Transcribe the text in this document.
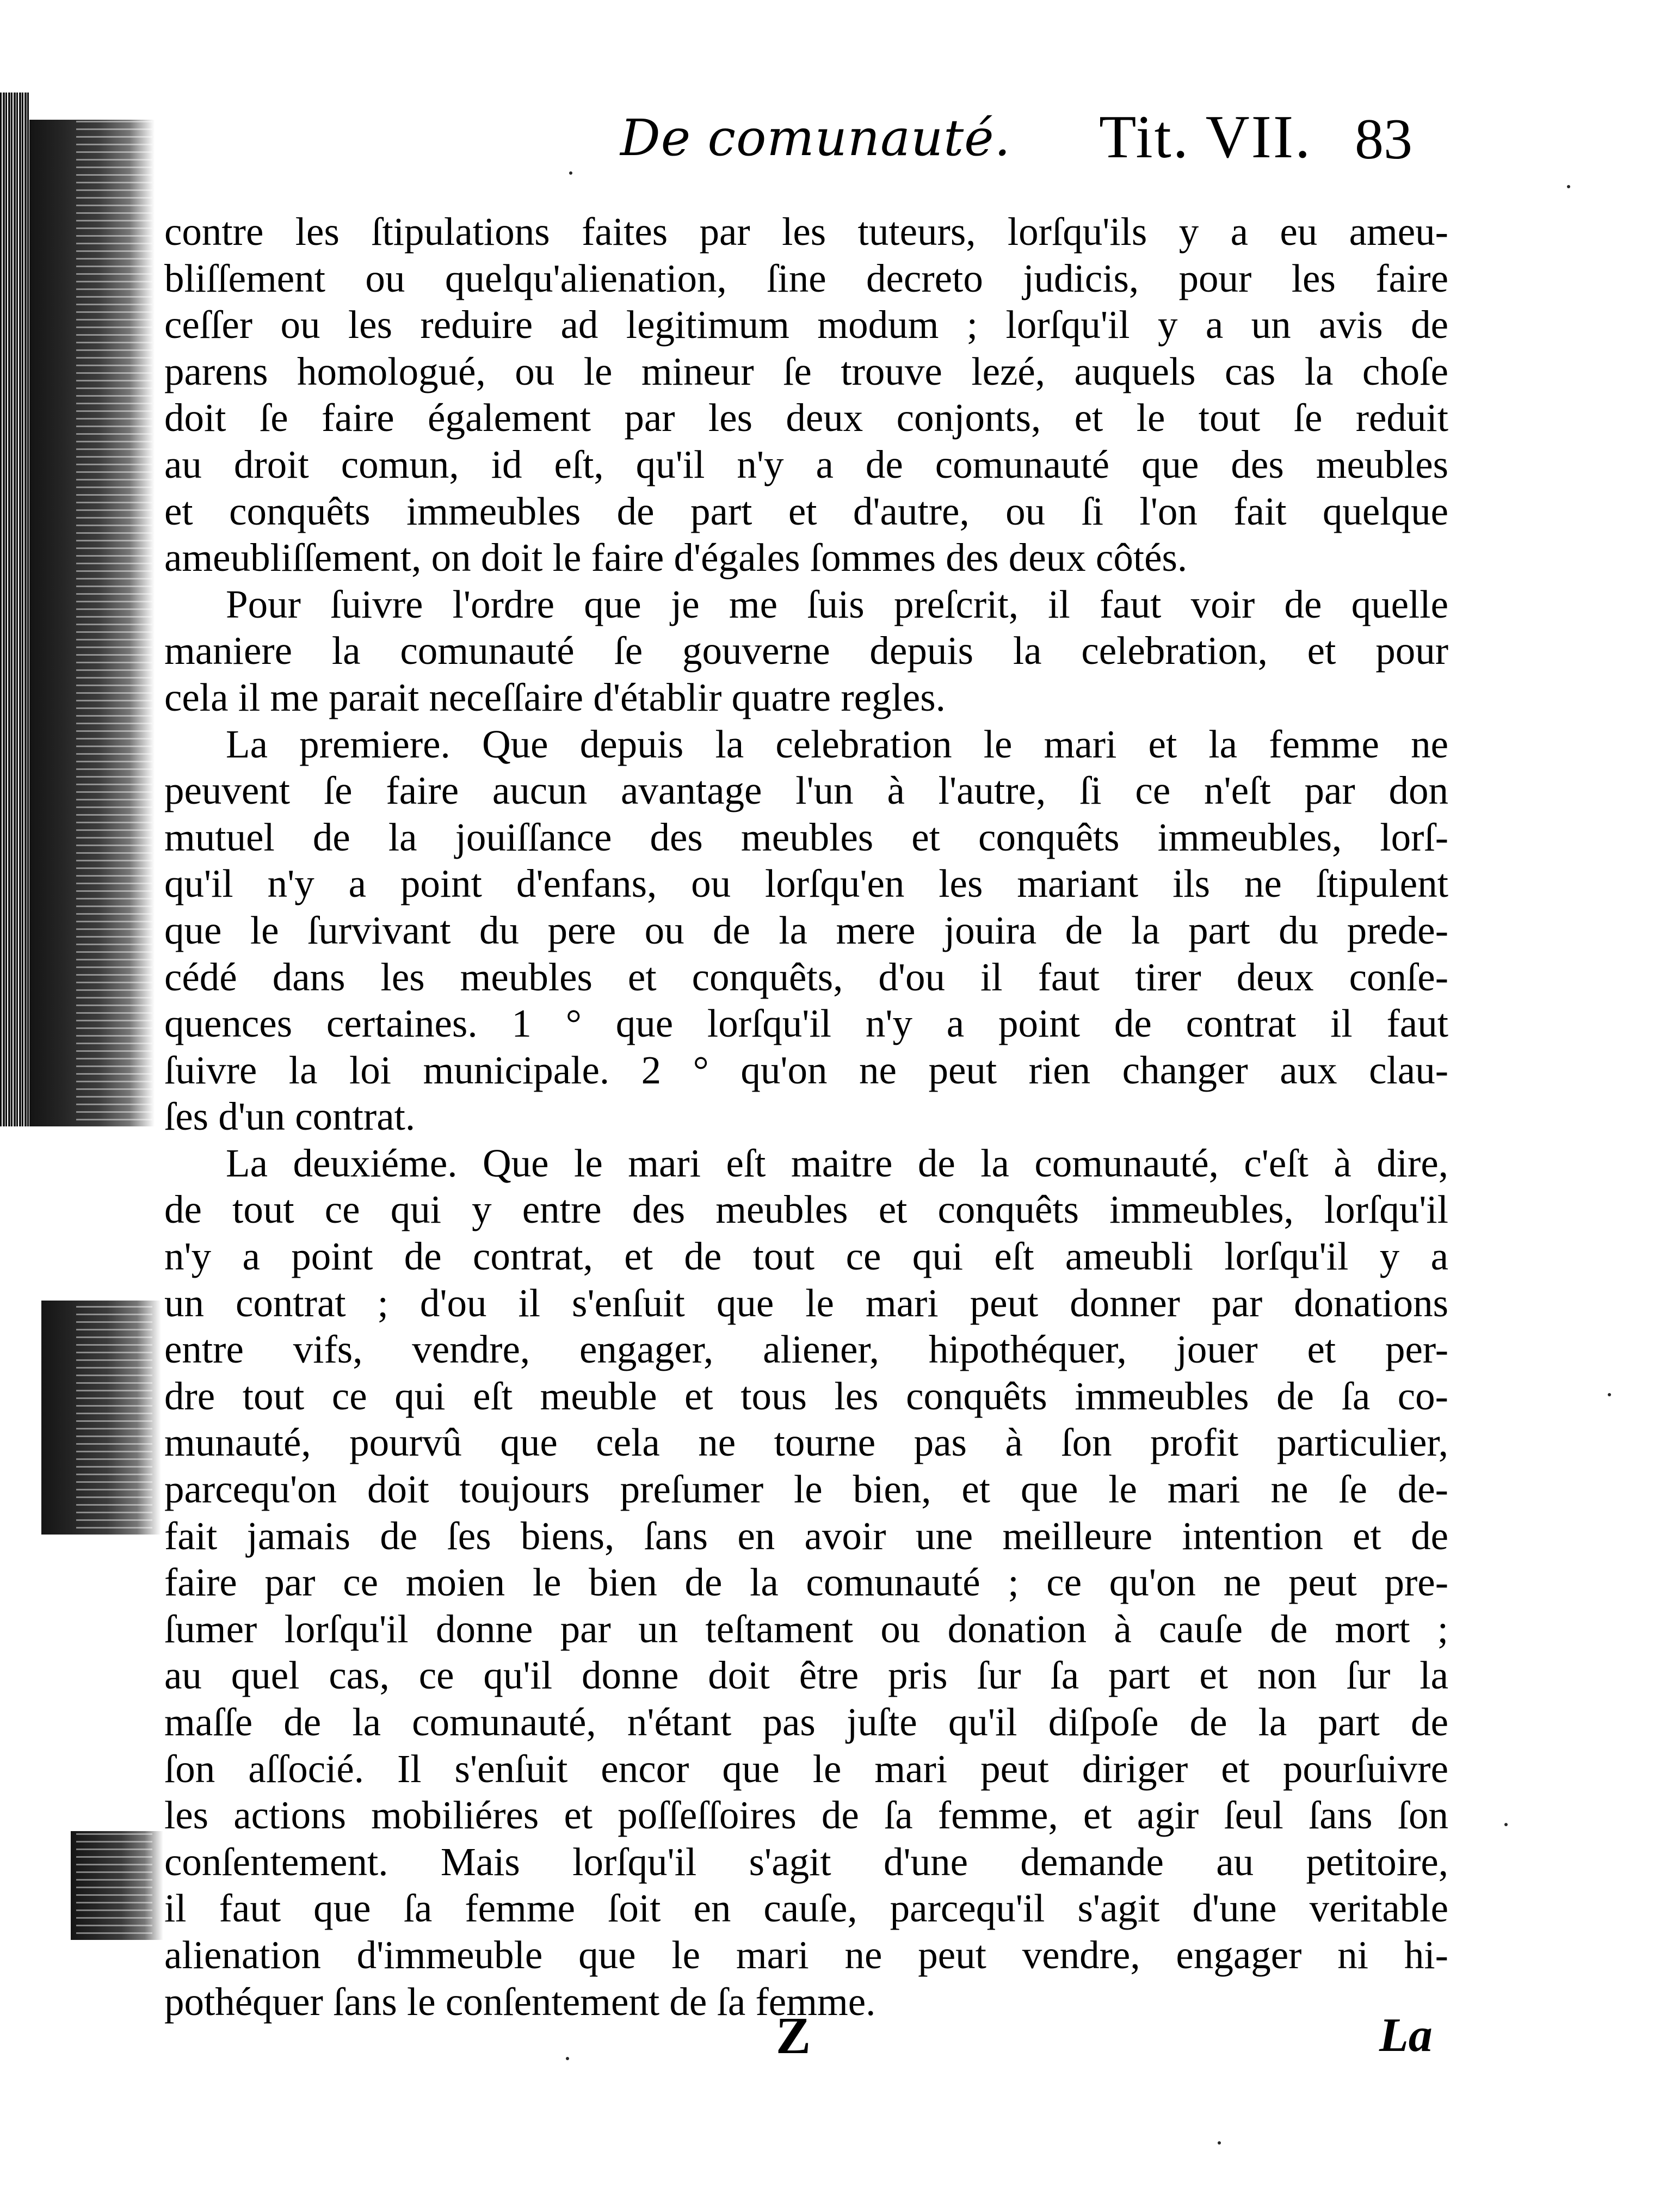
De comunauté. Tit. VII. 83
contre les ſtipulations faites par les tuteurs, lorſqu'ils y a eu ameu-
bliſſement ou quelqu'alienation, ſine decreto judicis, pour les faire
ceſſer ou les reduire ad legitimum modum ; lorſqu'il y a un avis de
parens homologué, ou le mineur ſe trouve lezé, auquels cas la choſe
doit ſe faire également par les deux conjonts, et le tout ſe reduit
au droit comun, id eſt, qu'il n'y a de comunauté que des meubles
et conquêts immeubles de part et d'autre, ou ſi l'on fait quelque
ameubliſſement, on doit le faire d'égales ſommes des deux côtés.
Pour ſuivre l'ordre que je me ſuis preſcrit, il faut voir de quelle
maniere la comunauté ſe gouverne depuis la celebration, et pour
cela il me parait neceſſaire d'établir quatre regles.
La premiere. Que depuis la celebration le mari et la femme ne
peuvent ſe faire aucun avantage l'un à l'autre, ſi ce n'eſt par don
mutuel de la jouiſſance des meubles et conquêts immeubles, lorſ-
qu'il n'y a point d'enfans, ou lorſqu'en les mariant ils ne ſtipulent
que le ſurvivant du pere ou de la mere jouira de la part du prede-
cédé dans les meubles et conquêts, d'ou il faut tirer deux conſe-
quences certaines. 1 ° que lorſqu'il n'y a point de contrat il faut
ſuivre la loi municipale. 2 ° qu'on ne peut rien changer aux clau-
ſes d'un contrat.
La deuxiéme. Que le mari eſt maitre de la comunauté, c'eſt à dire,
de tout ce qui y entre des meubles et conquêts immeubles, lorſqu'il
n'y a point de contrat, et de tout ce qui eſt ameubli lorſqu'il y a
un contrat ; d'ou il s'enſuit que le mari peut donner par donations
entre vifs, vendre, engager, aliener, hipothéquer, jouer et per-
dre tout ce qui eſt meuble et tous les conquêts immeubles de ſa co-
munauté, pourvû que cela ne tourne pas à ſon profit particulier,
parcequ'on doit toujours preſumer le bien, et que le mari ne ſe de-
fait jamais de ſes biens, ſans en avoir une meilleure intention et de
faire par ce moien le bien de la comunauté ; ce qu'on ne peut pre-
ſumer lorſqu'il donne par un teſtament ou donation à cauſe de mort ;
au quel cas, ce qu'il donne doit être pris ſur ſa part et non ſur la
maſſe de la comunauté, n'étant pas juſte qu'il diſpoſe de la part de
ſon aſſocié. Il s'enſuit encor que le mari peut diriger et pourſuivre
les actions mobiliéres et poſſeſſoires de ſa femme, et agir ſeul ſans ſon
conſentement. Mais lorſqu'il s'agit d'une demande au petitoire,
il faut que ſa femme ſoit en cauſe, parcequ'il s'agit d'une veritable
alienation d'immeuble que le mari ne peut vendre, engager ni hi-
pothéquer ſans le conſentement de ſa femme.
Z	La
